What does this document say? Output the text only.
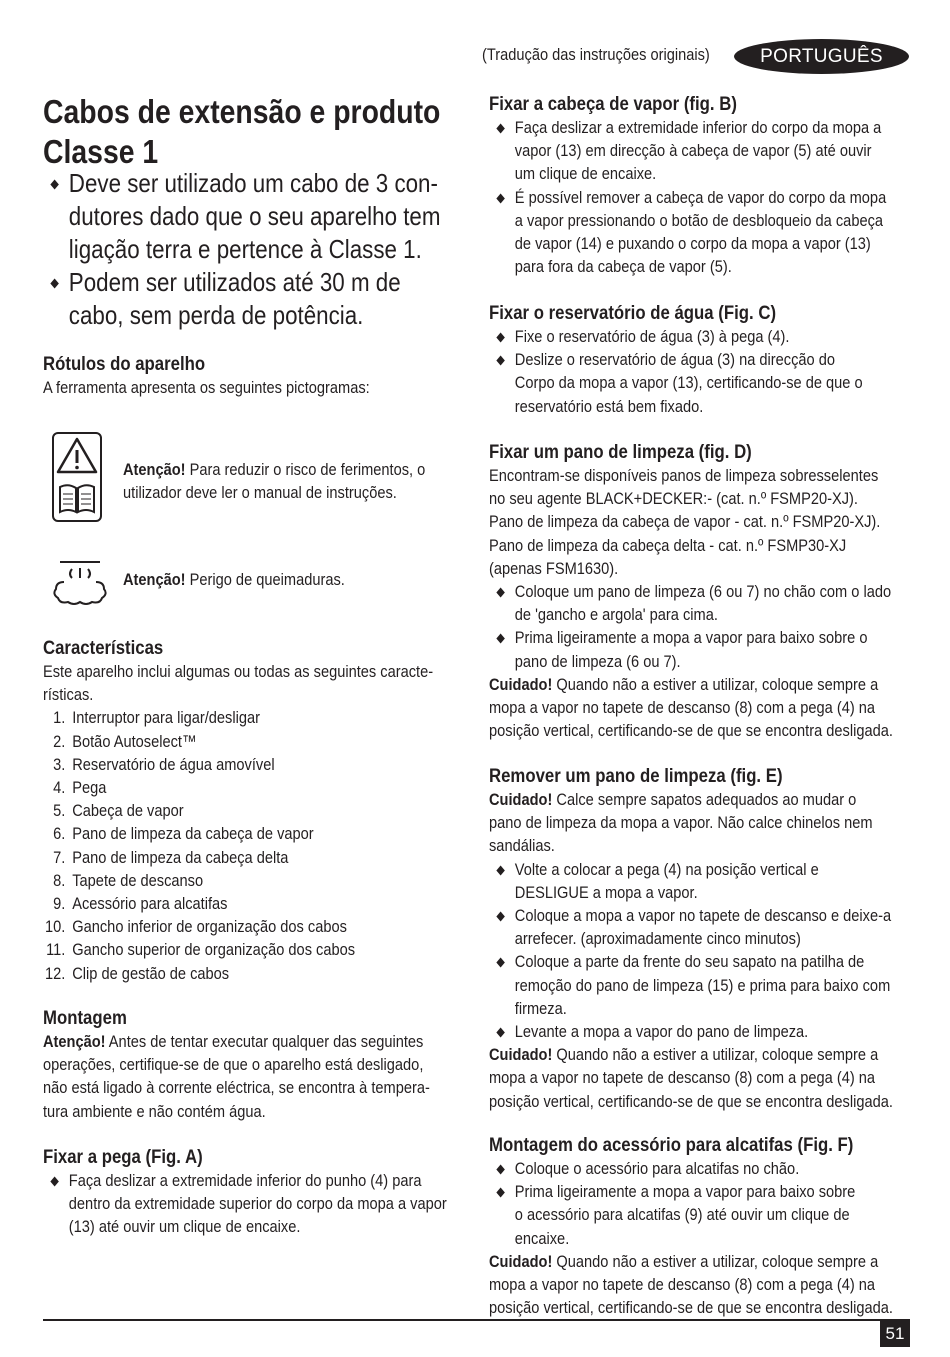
(Tradução das instruções originais)	PORTUGUÊS
Cabos de extensão e produto
Classe 1
Deve ser utilizado um cabo de 3 con-
dutores dado que o seu aparelho tem
ligação terra e pertence à Classe 1.
Podem ser utilizados até 30 m de
cabo, sem perda de potência.
Rótulos do aparelho
A ferramenta apresenta os seguintes pictogramas:
Atenção! Para reduzir o risco de ferimentos, o
utilizador deve ler o manual de instruções.
Atenção! Perigo de queimaduras.
Características
Este aparelho inclui algumas ou todas as seguintes caracte-
rísticas.
1. Interruptor para ligar/desligar
2. Botão Autoselect™
3. Reservatório de água amovível
4. Pega
5. Cabeça de vapor
6. Pano de limpeza da cabeça de vapor
7. Pano de limpeza da cabeça delta
8. Tapete de descanso
9. Acessório para alcatifas
10. Gancho inferior de organização dos cabos
11. Gancho superior de organização dos cabos
12. Clip de gestão de cabos
Montagem
Atenção! Antes de tentar executar qualquer das seguintes
operações, certifique-se de que o aparelho está desligado,
não está ligado à corrente eléctrica, se encontra à tempera-
tura ambiente e não contém água.
Fixar a pega (Fig. A)
Faça deslizar a extremidade inferior do punho (4) para
dentro da extremidade superior do corpo da mopa a vapor
(13) até ouvir um clique de encaixe.
Fixar a cabeça de vapor (fig. B)
Faça deslizar a extremidade inferior do corpo da mopa a
vapor (13) em direcção à cabeça de vapor (5) até ouvir
um clique de encaixe.
É possível remover a cabeça de vapor do corpo da mopa
a vapor pressionando o botão de desbloqueio da cabeça
de vapor (14) e puxando o corpo da mopa a vapor (13)
para fora da cabeça de vapor (5).
Fixar o reservatório de água (Fig. C)
Fixe o reservatório de água (3) à pega (4).
Deslize o reservatório de água (3) na direcção do
Corpo da mopa a vapor (13), certificando-se de que o
reservatório está bem fixado.
Fixar um pano de limpeza (fig. D)
Encontram-se disponíveis panos de limpeza sobresselentes
no seu agente BLACK+DECKER:- (cat. n.º FSMP20-XJ).
Pano de limpeza da cabeça de vapor - cat. n.º FSMP20-XJ).
Pano de limpeza da cabeça delta - cat. n.º FSMP30-XJ
(apenas FSM1630).
Coloque um pano de limpeza (6 ou 7) no chão com o lado
de 'gancho e argola' para cima.
Prima ligeiramente a mopa a vapor para baixo sobre o
pano de limpeza (6 ou 7).
Cuidado! Quando não a estiver a utilizar, coloque sempre a
mopa a vapor no tapete de descanso (8) com a pega (4) na
posição vertical, certificando-se de que se encontra desligada.
Remover um pano de limpeza (fig. E)
Cuidado! Calce sempre sapatos adequados ao mudar o
pano de limpeza da mopa a vapor. Não calce chinelos nem
sandálias.
Volte a colocar a pega (4) na posição vertical e
DESLIGUE a mopa a vapor.
Coloque a mopa a vapor no tapete de descanso e deixe-a
arrefecer. (aproximadamente cinco minutos)
Coloque a parte da frente do seu sapato na patilha de
remoção do pano de limpeza (15) e prima para baixo com
firmeza.
Levante a mopa a vapor do pano de limpeza.
Cuidado! Quando não a estiver a utilizar, coloque sempre a
mopa a vapor no tapete de descanso (8) com a pega (4) na
posição vertical, certificando-se de que se encontra desligada.
Montagem do acessório para alcatifas (Fig. F)
Coloque o acessório para alcatifas no chão.
Prima ligeiramente a mopa a vapor para baixo sobre
o acessório para alcatifas (9) até ouvir um clique de
encaixe.
Cuidado! Quando não a estiver a utilizar, coloque sempre a
mopa a vapor no tapete de descanso (8) com a pega (4) na
posição vertical, certificando-se de que se encontra desligada.
51
